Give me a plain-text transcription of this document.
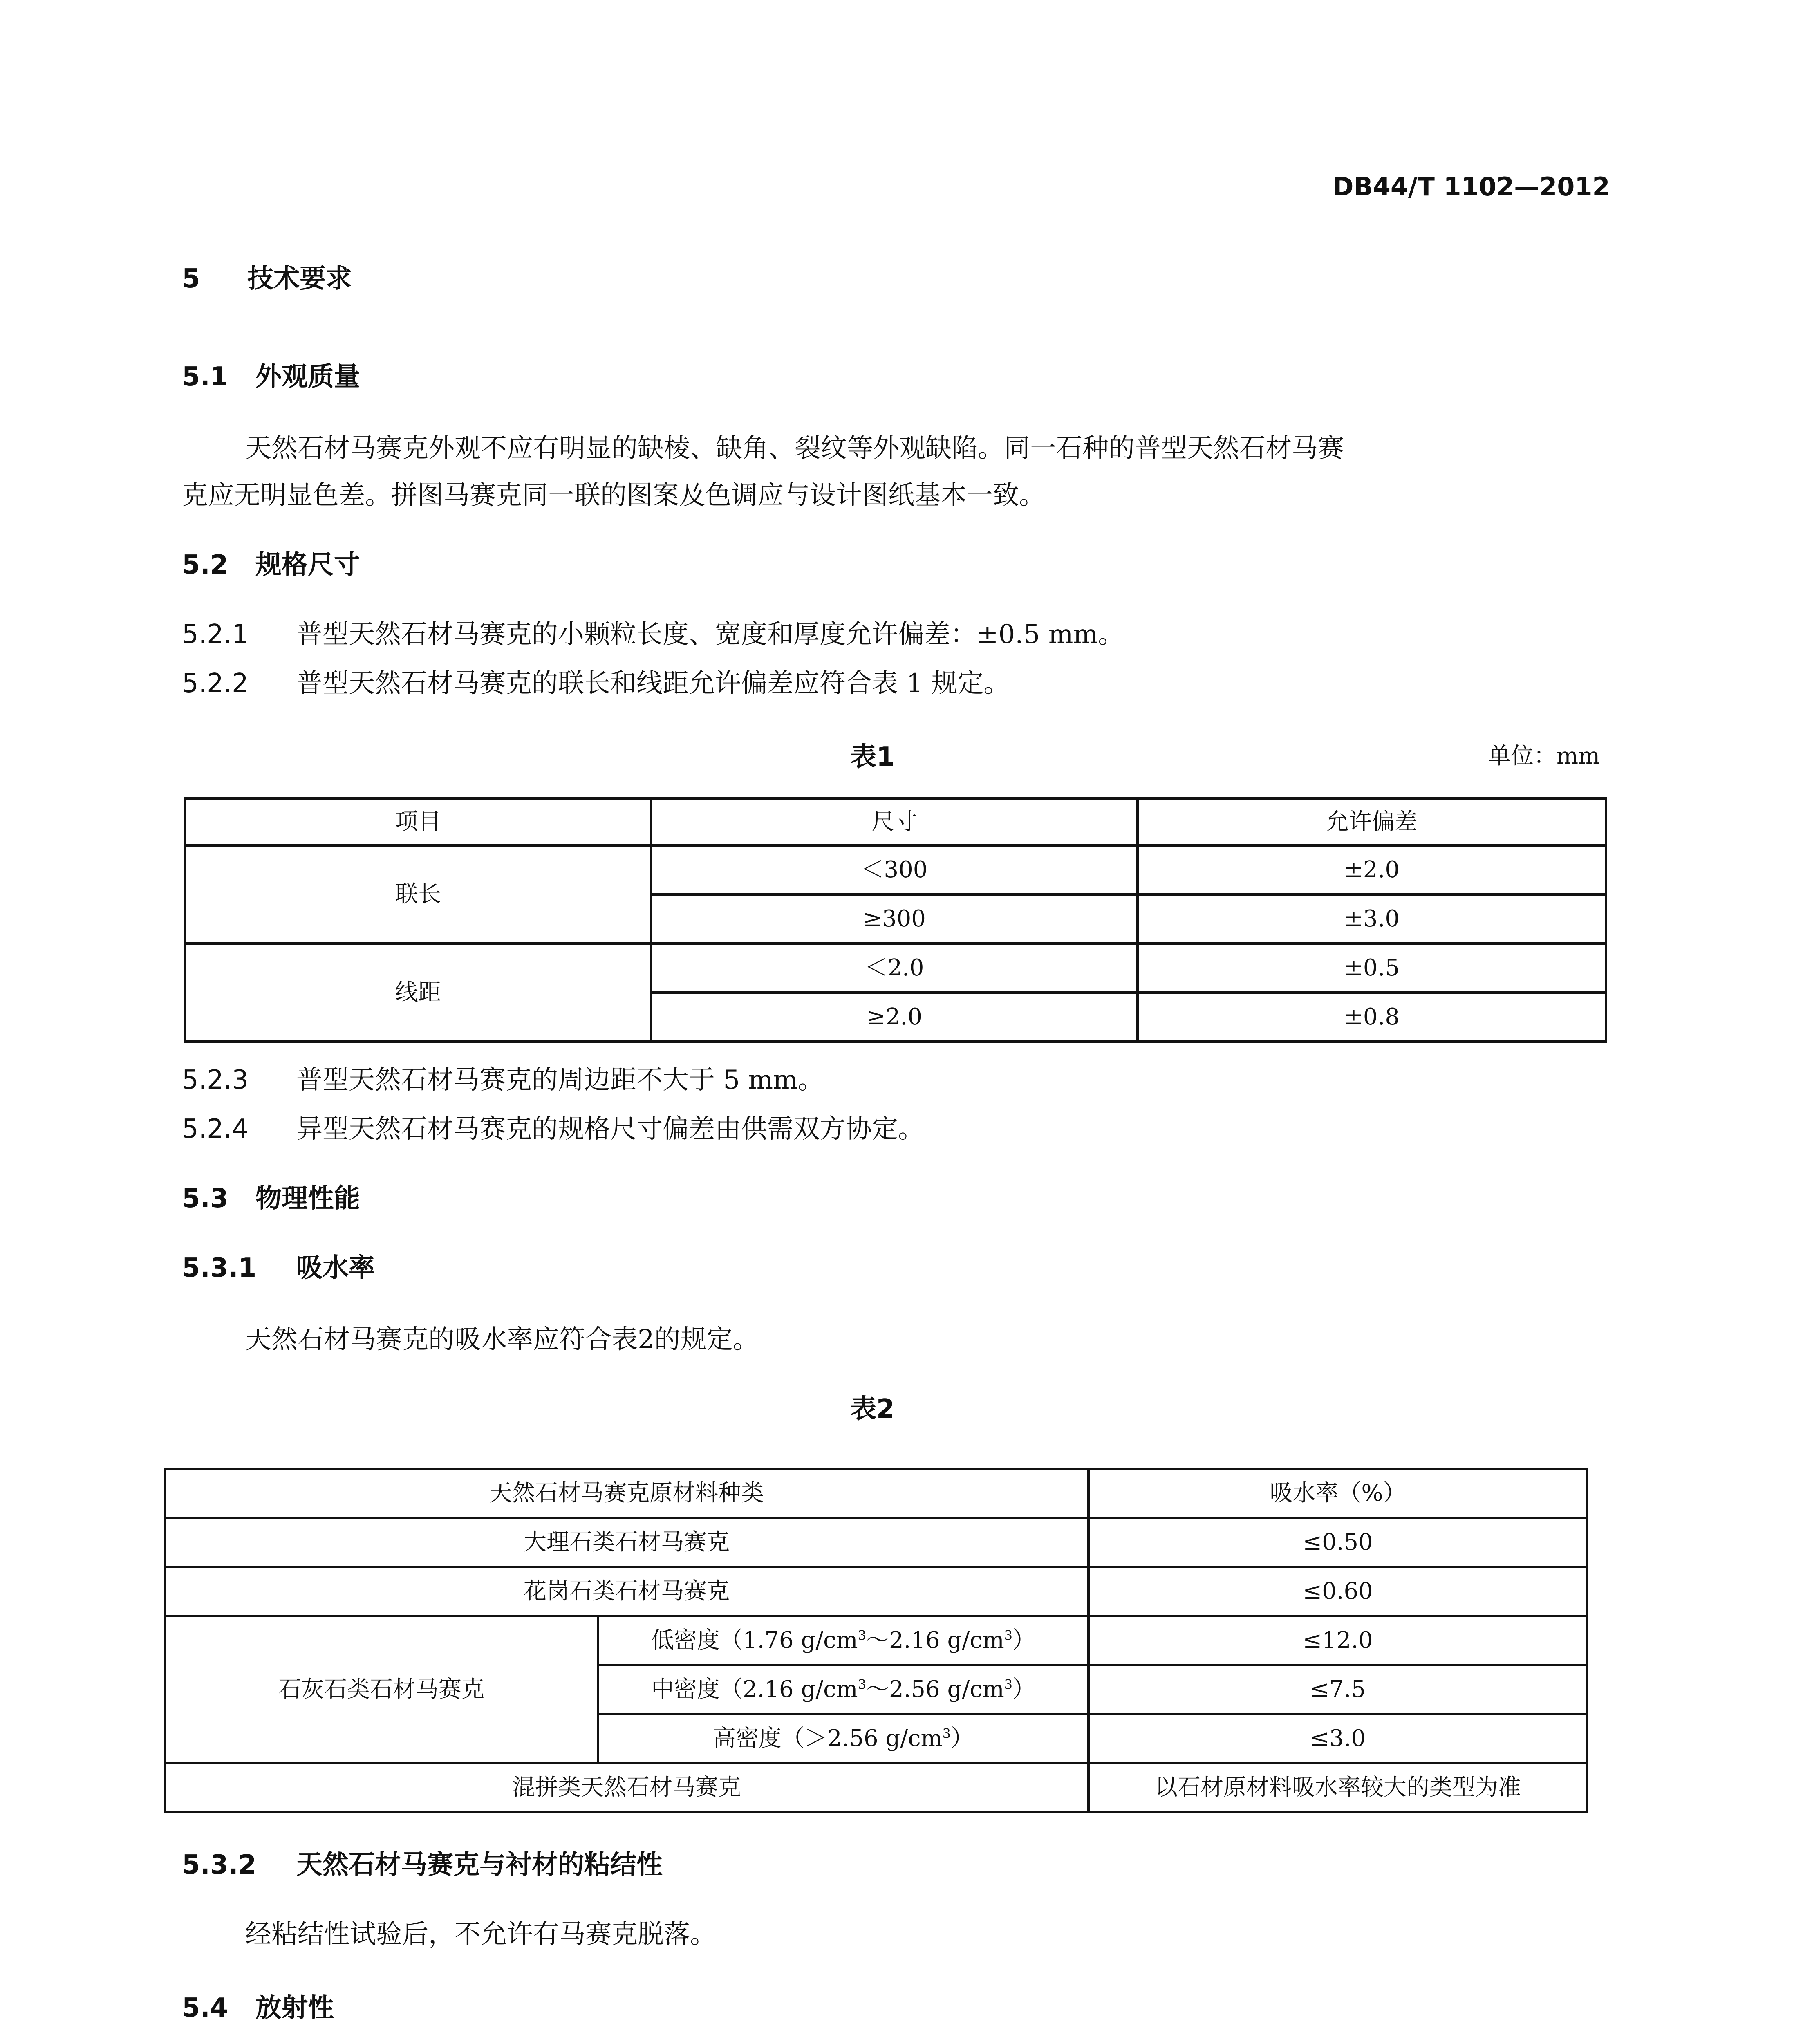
DB44/T 1102—2012
5 技术要求
5.1 外观质量
天然石材马赛克外观不应有明显的缺棱、缺角、裂纹等外观缺陷。同一石种的普型天然石材马赛
克应无明显色差。拼图马赛克同一联的图案及色调应与设计图纸基本一致。
5.2 规格尺寸
5.2.1 普型天然石材马赛克的小颗粒长度、宽度和厚度允许偏差：±0.5 mm。
5.2.2 普型天然石材马赛克的联长和线距允许偏差应符合表 1 规定。
表1	单位：mm
项目	尺寸	允许偏差
联长	＜300	±2.0
	≥300	±3.0
线距	＜2.0	±0.5
	≥2.0	±0.8
5.2.3 普型天然石材马赛克的周边距不大于 5 mm。
5.2.4 异型天然石材马赛克的规格尺寸偏差由供需双方协定。
5.3 物理性能
5.3.1 吸水率
天然石材马赛克的吸水率应符合表2的规定。
表2
天然石材马赛克原材料种类		吸水率（%）
大理石类石材马赛克		≤0.50
花岗石类石材马赛克		≤0.60
石灰石类石材马赛克	低密度（1.76 $g/cm^3\sim 2.16$ $g/cm^3$）	≤12.0
	中密度（2.16 $g/cm^3\sim 2.56$ $g/cm^3$）	≤7.5
	高密度（＞2.56 $g/cm^3$）	≤3.0
混拼类天然石材马赛克		以石材原材料吸水率较大的类型为准
5.3.2 天然石材马赛克与衬材的粘结性
经粘结性试验后，不允许有马赛克脱落。
5.4 放射性
